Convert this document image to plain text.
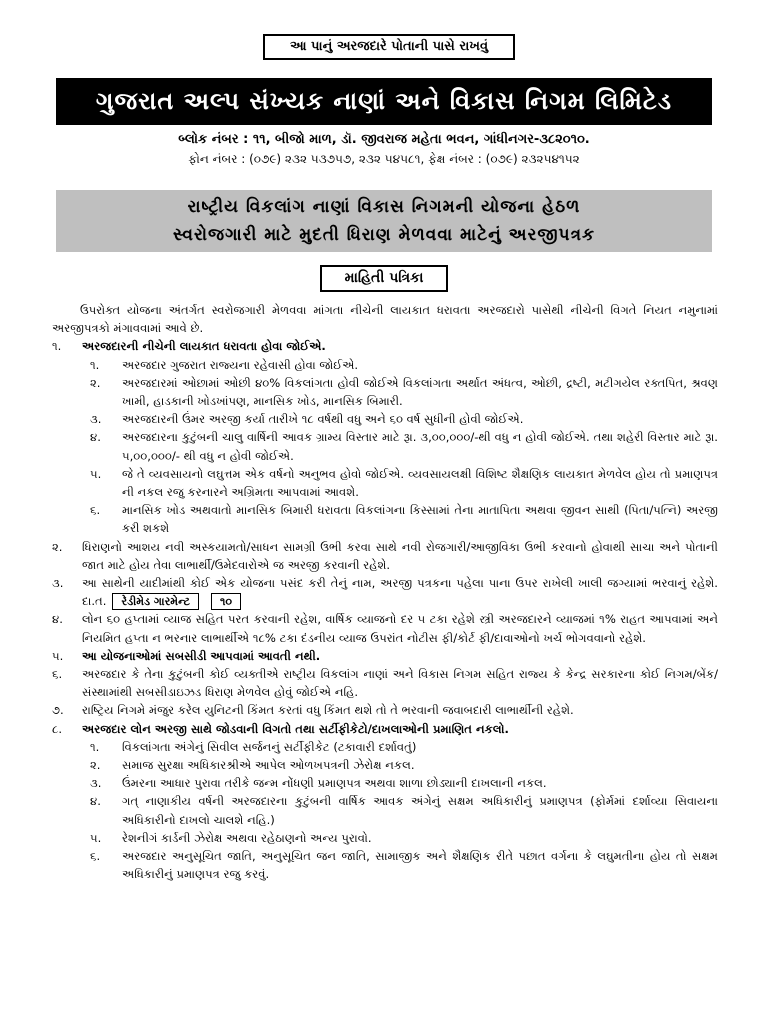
આ પાનું અરજદારે પોતાની પાસે રાખવું
ગુજરાત અલ્પ સંખ્યક નાણાં અને વિકાસ નિગમ લિમિટેડ
બ્લોક નંબર : ૧૧, બીજો માળ, ડૉ. જીવરાજ મહેતા ભવન, ગાંધીનગર-૩૮૨૦૧૦.
ફોન નંબર : (૦૭૯) ૨૩૨ ૫૩૭૫૭, ૨૩૨ ૫૪૫૮૧, ફેક્ષ નંબર : (૦૭૯) ૨૩૨૫૪૧૫૨
રાષ્ટ્રીય વિકલાંગ નાણાં વિકાસ નિગમની યોજના હેઠળ
સ્વરોજગારી માટે મુદતી ધિરાણ મેળવવા માટેનું અરજીપત્રક
માહિતી પત્રિકા

ઉપરોક્ત યોજના અંતર્ગત સ્વરોજગારી મેળવવા માંગતા નીચેની લાયકાત ધરાવતા અરજદારો પાસેથી નીચેની વિગતે નિયત નમુનામાં અરજીપત્રકો મંગાવવામાં આવે છે.

૧.	અરજદારની નીચેની લાયકાત ધરાવતા હોવા જોઈએ.
૧.	અરજદાર ગુજરાત રાજ્યના રહેવાસી હોવા જોઈએ.
૨.	અરજદારમાં ઓછામાં ઓછી ૪૦% વિકલાંગતા હોવી જોઈએ વિકલાંગતા અર્થાત અંધત્વ, ઓછી, દ્રષ્ટી, મટીગયેલ રક્તપિત, શ્રવણ ખામી, હાડકાની ખોડખાંપણ, માનસિક ખોડ, માનસિક બિમારી.
૩.	અરજદારની ઉંમર અરજી કર્યા તારીખે ૧૮ વર્ષથી વધુ અને ૬૦ વર્ષ સુધીની હોવી જોઈએ.
૪.	અરજદારના કુટુંબની ચાલુ વાર્ષિની આવક ગ્રામ્ય વિસ્તાર માટે રૂા. ૩,૦૦,૦૦૦/-થી વધુ ન હોવી જોઈએ. તથા શહેરી વિસ્તાર માટે રૂા. ૫,૦૦,૦૦૦/- થી વધુ ન હોવી જોઈએ.
૫.	જે તે વ્યવસાયનો લઘુત્તમ એક વર્ષનો અનુભવ હોવો જોઈએ. વ્યવસાયલક્ષી વિશિષ્ટ શૈક્ષણિક લાયકાત મેળવેલ હોય તો પ્રમાણપત્ર ની નકલ રજુ કરનારને અગ્રિમતા આપવામાં આવશે.
૬.	માનસિક ખોડ અથવાતો માનસિક બિમારી ધરાવતા વિકલાંગના કિસ્સામાં તેના માતાપિતા અથવા જીવન સાથી (પિતા/પત્નિ) અરજી કરી શકશે
૨.	ધિરાણનો આશય નવી અસ્કયામતો/સાધન સામગ્રી ઉભી કરવા સાથે નવી રોજગારી/આજીવિકા ઉભી કરવાનો હોવાથી સાચા અને પોતાની જાત માટે હોય તેવા લાભાર્થી/ઉમેદવારોએ જ અરજી કરવાની રહેશે.
૩.	આ સાથેની યાદીમાંથી કોઈ એક યોજના પસંદ કરી તેનું નામ, અરજી પત્રકના પહેલા પાના ઉપર રાખેલી ખાલી જગ્યામાં ભરવાનું રહેશે. દા.ત. રેડીમેડ ગારમેન્ટ	૧૦
૪.	લોન ૬૦ હપ્તામાં વ્યાજ સહિત પરત કરવાની રહેશ, વાર્ષિક વ્યાજનો દર ૫ ટકા રહેશે સ્ત્રી અરજદારને વ્યાજમાં ૧% રાહત આપવામાં અને નિયમિત હપ્તા ન ભરનાર લાભાર્થીએ ૧૮% ટકા દંડનીય વ્યાજ ઉપરાંત નોટીસ ફી/કોર્ટ ફી/દાવાઓનો ખર્ચ ભોગવવાનો રહેશે.
૫.	આ યોજનાઓમાં સબસીડી આપવામાં આવતી નથી.
૬.	અરજદાર કે તેના કુટુંબની કોઈ વ્યક્તીએ રાષ્ટ્રીય વિકલાંગ નાણાં અને વિકાસ નિગમ સહિત રાજ્ય કે કેન્દ્ર સરકારના કોઈ નિગમ/બેંક/સંસ્થામાંથી સબસીડાઇઝડ ધિરાણ મેળવેલ હોવું જોઈએ નહિ.
૭.	રાષ્ટ્રિય નિગમે મંજુર કરેલ યુનિટની કિંમત કરતાં વધુ કિંમત થશે તો તે ભરવાની જવાબદારી લાભાર્થીની રહેશે.
૮.	અરજદાર લોન અરજી સાથે જોડવાની વિગતો તથા સર્ટીફીકેટો/દાખલાઓની પ્રમાણિત નકલો.
૧.	વિકલાંગતા અંગેનું સિવીલ સર્જનનું સર્ટીફીકેટ (ટકાવારી દર્શાવતું)
૨.	સમાજ સુરક્ષા અધિકારશ્રીએ આપેલ ઓળખપત્રની ઝેરોક્ષ નકલ.
૩.	ઉંમરના આધાર પુરાવા તરીકે જન્મ નોંધણી પ્રમાણપત્ર અથવા શાળા છોડ્યાની દાખલાની નકલ.
૪.	ગત્ નાણાકીય વર્ષની અરજદારના કુટુંબની વાર્ષિક આવક અંગેનું સક્ષમ અધિકારીનું પ્રમાણપત્ર (ફોર્મમાં દર્શાવ્યા સિવાયના અધિકારીનો દાખલો ચાલશે નહિ.)
૫.	રેશનીગં કાર્ડની ઝેરોક્ષ અથવા રહેઠાણનો અન્ય પુરાવો.
૬.	અરજદાર અનુસૂચિત જાતિ, અનુસૂચિત જન જાતિ, સામાજીક અને શૈક્ષણિક રીતે પછાત વર્ગના કે લઘુમતીના હોય તો સક્ષમ અધિકારીનું પ્રમાણપત્ર રજુ કરવું.
